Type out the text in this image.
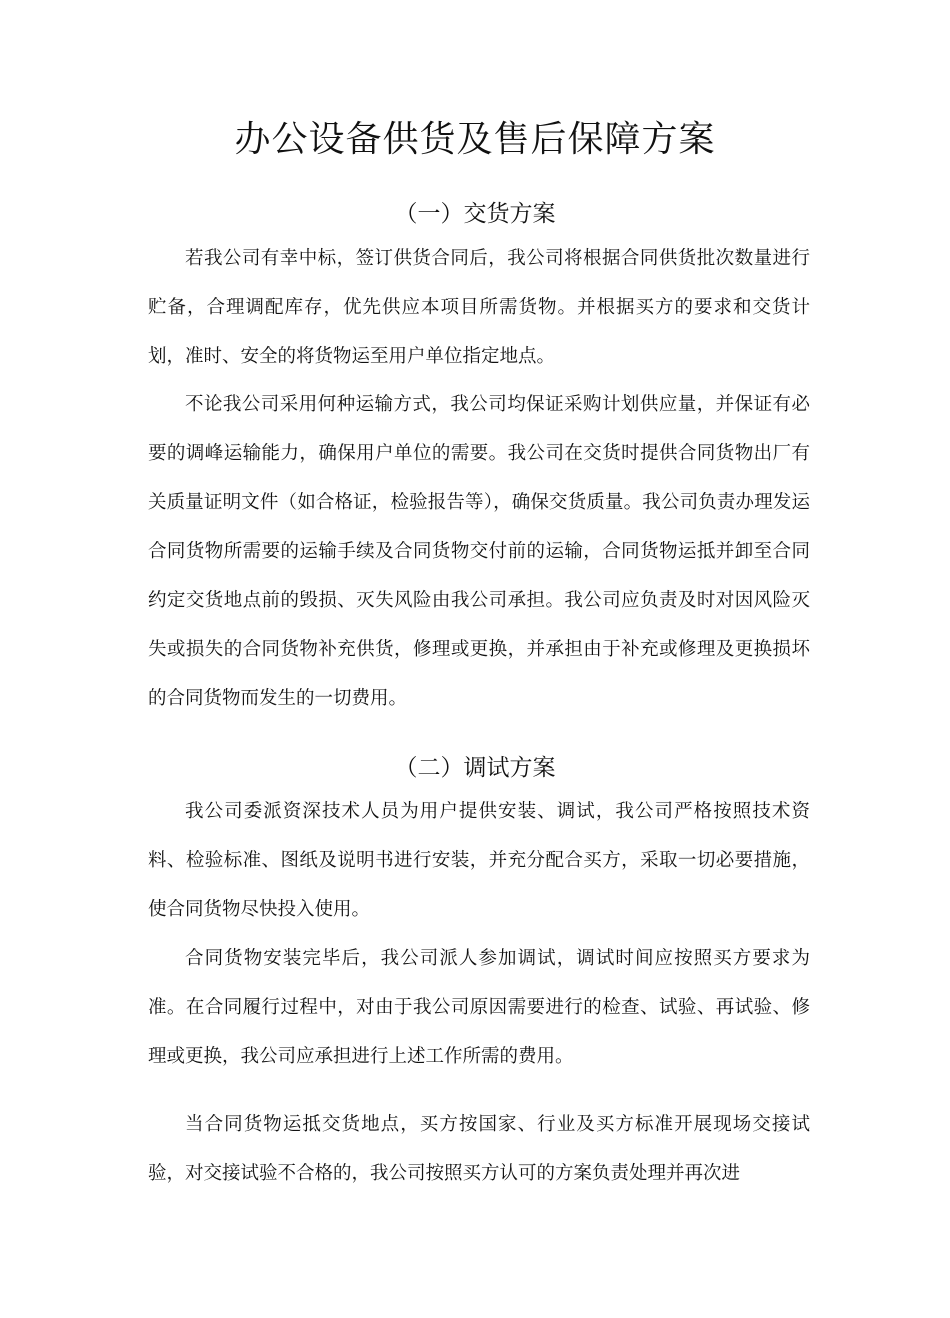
办公设备供货及售后保障方案
（一）交货方案

若我公司有幸中标，签订供货合同后，我公司将根据合同供货批次数量进行贮备，合理调配库存，优先供应本项目所需货物。并根据买方的要求和交货计划，准时、安全的将货物运至用户单位指定地点。

不论我公司采用何种运输方式，我公司均保证采购计划供应量，并保证有必要的调峰运输能力，确保用户单位的需要。我公司在交货时提供合同货物出厂有关质量证明文件（如合格证，检验报告等），确保交货质量。我公司负责办理发运合同货物所需要的运输手续及合同货物交付前的运输，合同货物运抵并卸至合同约定交货地点前的毁损、灭失风险由我公司承担。我公司应负责及时对因风险灭失或损失的合同货物补充供货，修理或更换，并承担由于补充或修理及更换损坏的合同货物而发生的一切费用。

（二）调试方案

我公司委派资深技术人员为用户提供安装、调试，我公司严格按照技术资料、检验标准、图纸及说明书进行安装，并充分配合买方，采取一切必要措施，使合同货物尽快投入使用。

合同货物安装完毕后，我公司派人参加调试，调试时间应按照买方要求为准。在合同履行过程中，对由于我公司原因需要进行的检查、试验、再试验、修理或更换，我公司应承担进行上述工作所需的费用。

当合同货物运抵交货地点，买方按国家、行业及买方标准开展现场交接试验，对交接试验不合格的，我公司按照买方认可的方案负责处理并再次进
